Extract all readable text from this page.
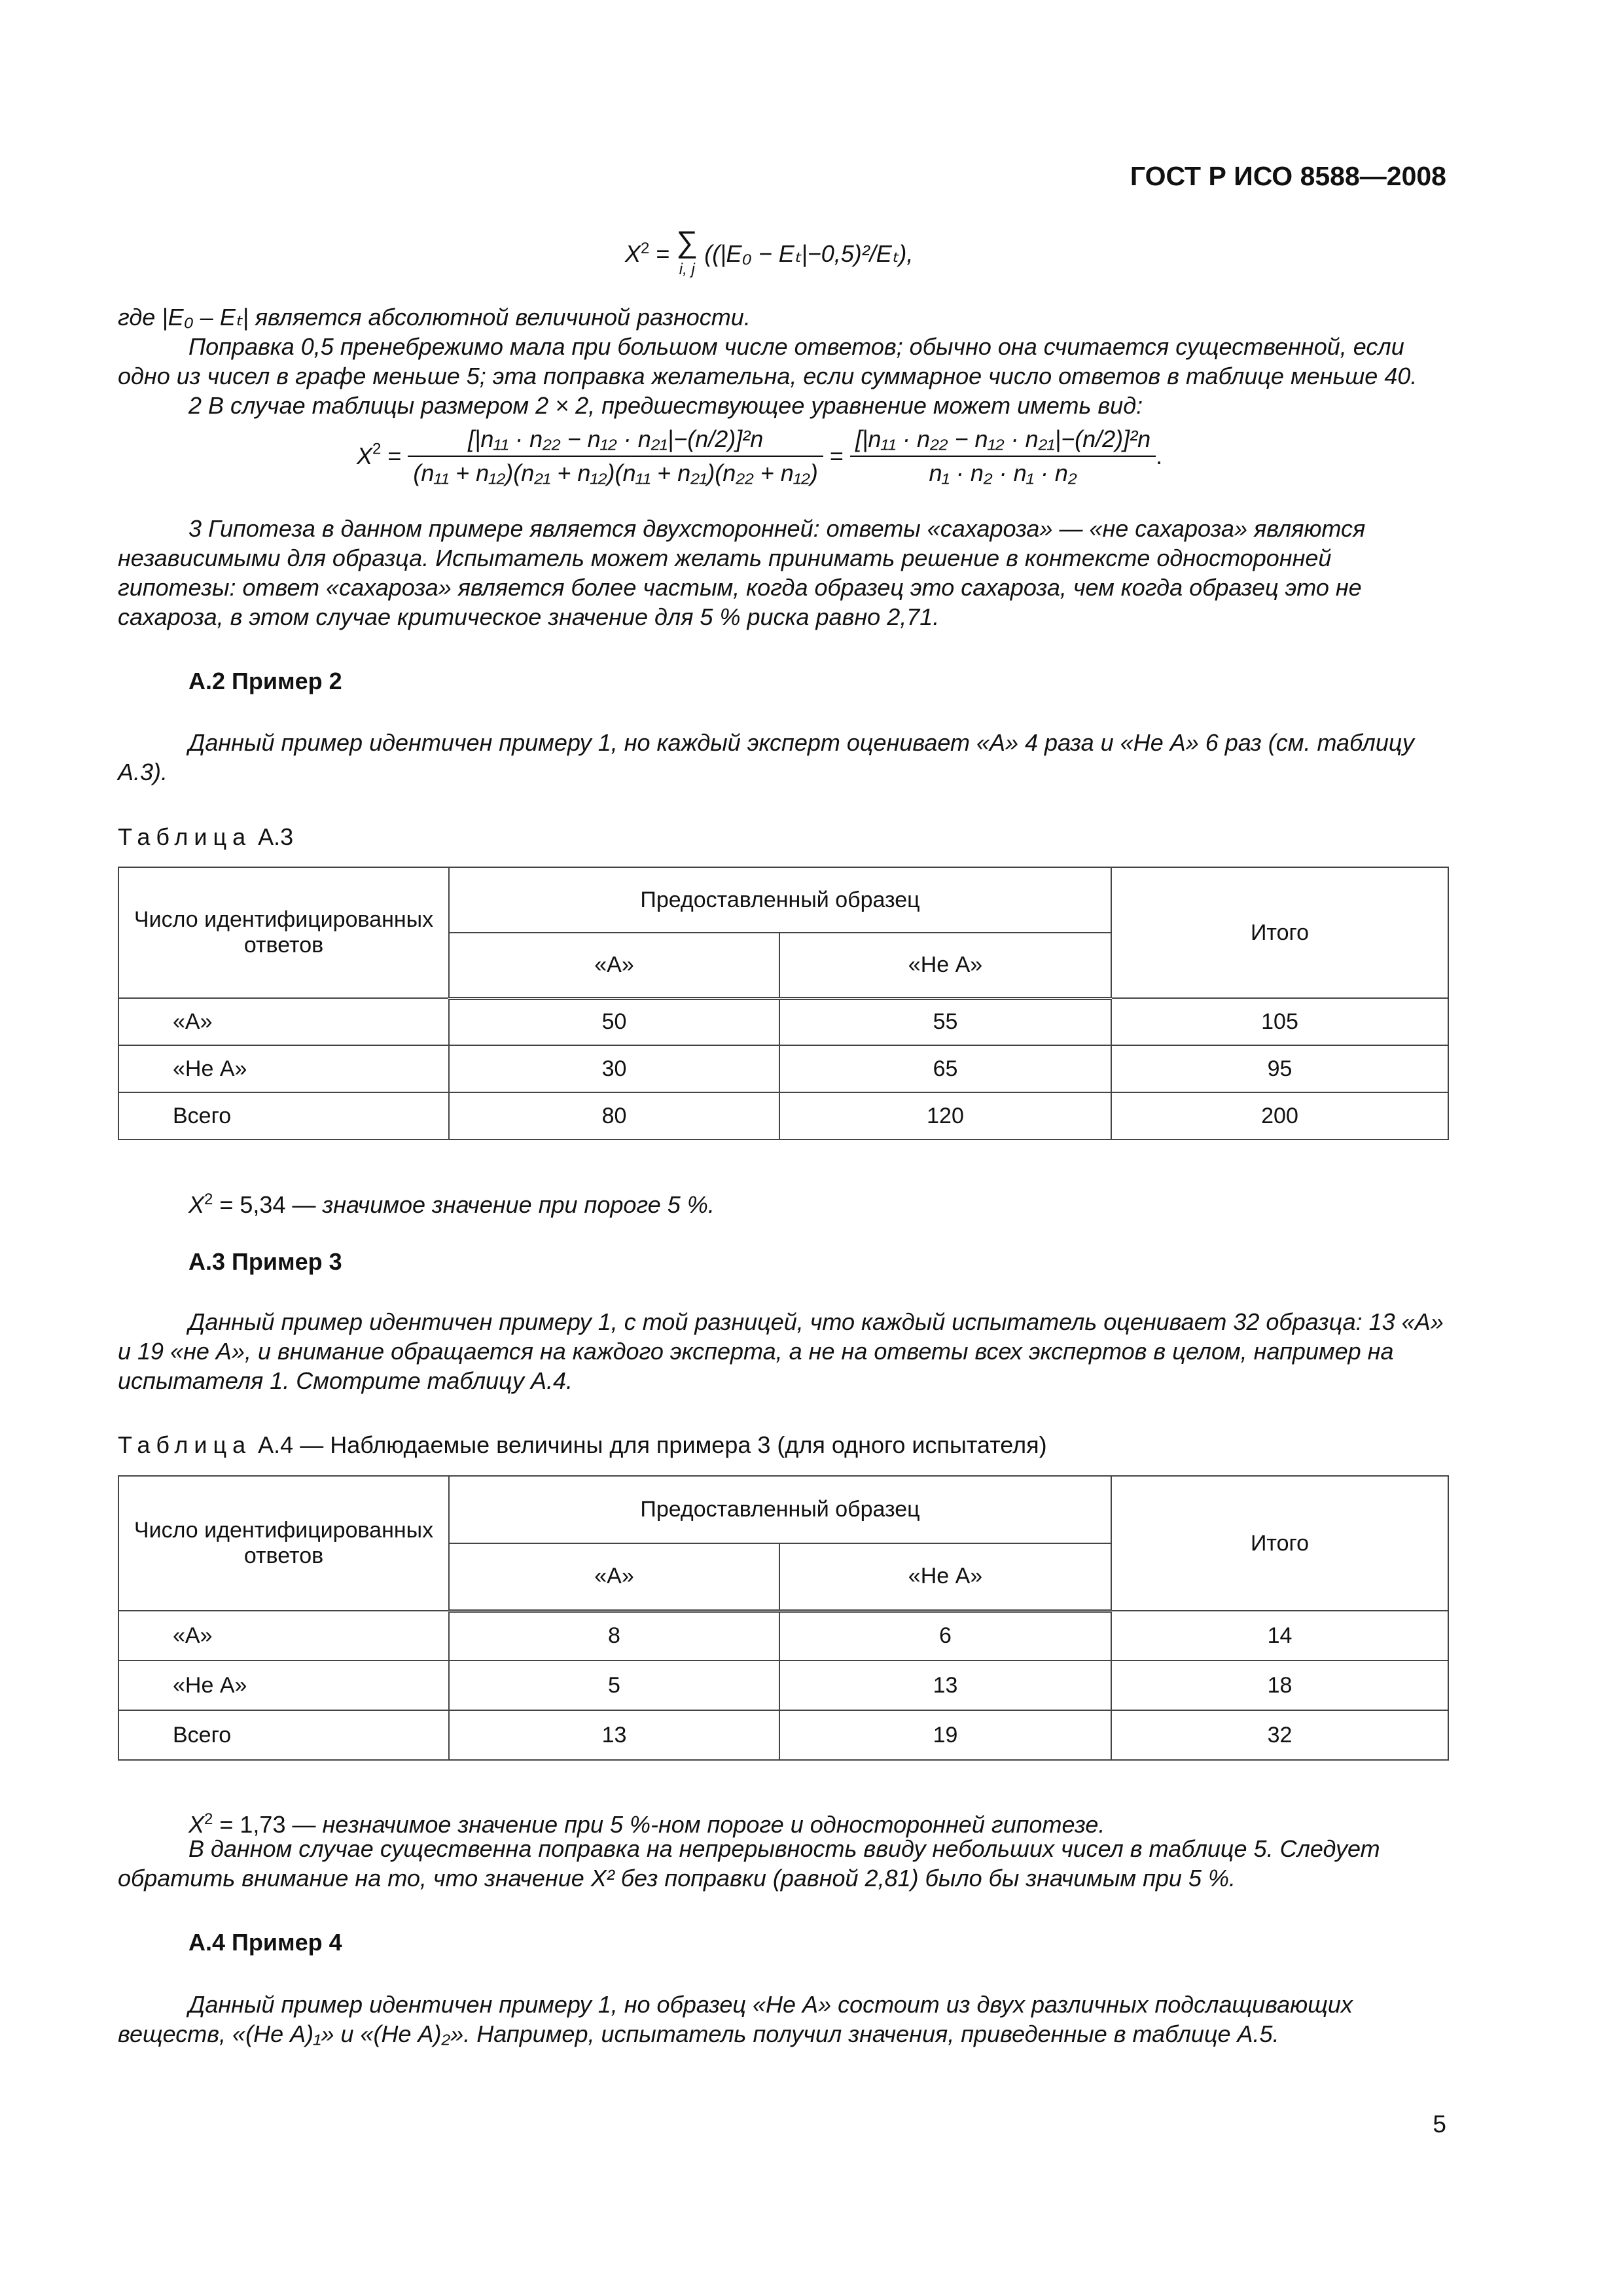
ГОСТ Р ИСО 8588—2008
$X^2$ = ∑
i, j ((|E₀ − Eₜ|−0,5)²/Eₜ),
где |E₀ – Eₜ| является абсолютной величиной разности.
Поправка 0,5 пренебрежимо мала при большом числе ответов; обычно она считается существенной, если одно из чисел в графе меньше 5; эта поправка желательна, если суммарное число ответов в таблице меньше 40.
2 В случае таблицы размером 2 × 2, предшествующее уравнение может иметь вид:
$X^2 = \frac{\text{[|n₁₁ · n₂₂ − n₁₂ · n₂₁|−(n/2)]²n}}{\text{(n₁₁ + n₁₂)(n₂₁ + n₁₂)(n₁₁ + n₂₁)(n₂₂ + n₁₂)}} = \frac{\text{[|n₁₁ · n₂₂ − n₁₂ · n₂₁|−(n/2)]²n}}{\text{n₁ · n₂ · n₁ · n₂}}$ .
3 Гипотеза в данном примере является двухсторонней: ответы «сахароза» — «не сахароза» являются независимыми для образца. Испытатель может желать принимать решение в контексте односторонней гипотезы: ответ «сахароза» является более частым, когда образец это сахароза, чем когда образец это не сахароза, в этом случае критическое значение для 5 % риска равно 2,71.
А.2 Пример 2
Данный пример идентичен примеру 1, но каждый эксперт оценивает «А» 4 раза и «Не А» 6 раз (см. таблицу А.3).
Таблица А.3
Число идентифицированных ответов	Предоставленный образец		Итого
	«А»	«Не А»	
«А»	50	55	105
«Не А»	30	65	95
Всего	80	120	200
$X^2 = 5,34$ — значимое значение при пороге 5 %.
А.3 Пример 3
Данный пример идентичен примеру 1, с той разницей, что каждый испытатель оценивает 32 образца: 13 «А» и 19 «не А», и внимание обращается на каждого эксперта, а не на ответы всех экспертов в целом, например на испытателя 1. Смотрите таблицу А.4.
Таблица А.4 — Наблюдаемые величины для примера 3 (для одного испытателя)
Число идентифицированных ответов	Предоставленный образец		Итого
	«А»	«Не А»	
«А»	8	6	14
«Не А»	5	13	18
Всего	13	19	32
$X^2 = 1,73$ — незначимое значение при 5 %-ном пороге и односторонней гипотезе.
В данном случае существенна поправка на непрерывность ввиду небольших чисел в таблице 5. Следует обратить внимание на то, что значение X² без поправки (равной 2,81) было бы значимым при 5 %.
А.4 Пример 4
Данный пример идентичен примеру 1, но образец «Не А» состоит из двух различных подслащивающих веществ, «(Не А)₁» и «(Не А)₂». Например, испытатель получил значения, приведенные в таблице А.5.
5
